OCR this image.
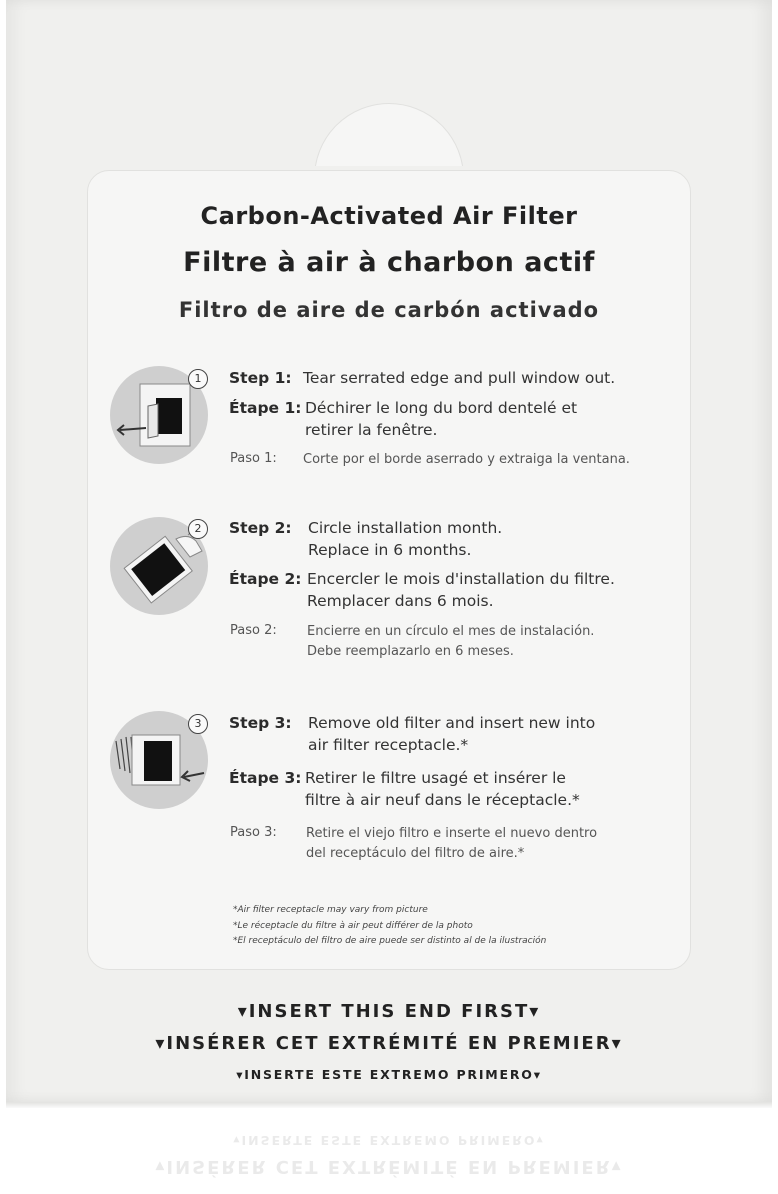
Carbon-Activated Air Filter
Filtre à air à charbon actif
Filtro de aire de carbón activado
1	Step 1: Tear serrated edge and pull window out.
Étape 1: Déchirer le long du bord dentelé et
retirer la fenêtre.
Paso 1: Corte por el borde aserrado y extraiga la ventana.
2	Step 2: Circle installation month.
Replace in 6 months.
Étape 2: Encercler le mois d'installation du filtre.
Remplacer dans 6 mois.
Paso 2: Encierre en un círculo el mes de instalación.
Debe reemplazarlo en 6 meses.
3	Step 3: Remove old filter and insert new into
air filter receptacle.*
Étape 3: Retirer le filtre usagé et insérer le
filtre à air neuf dans le réceptacle.*
Paso 3: Retire el viejo filtro e inserte el nuevo dentro
del receptáculo del filtro de aire.*
*Air filter receptacle may vary from picture
*Le réceptacle du filtre à air peut différer de la photo
*El receptáculo del filtro de aire puede ser distinto al de la ilustración
▾INSERT THIS END FIRST▾
▾INSÉRER CET EXTRÉMITÉ EN PREMIER▾
▾INSERTE ESTE EXTREMO PRIMERO▾
▾INSERTE ESTE EXTREMO PRIMERO▾
▾INSÉRER CET EXTRÉMITÉ EN PREMIER▾
